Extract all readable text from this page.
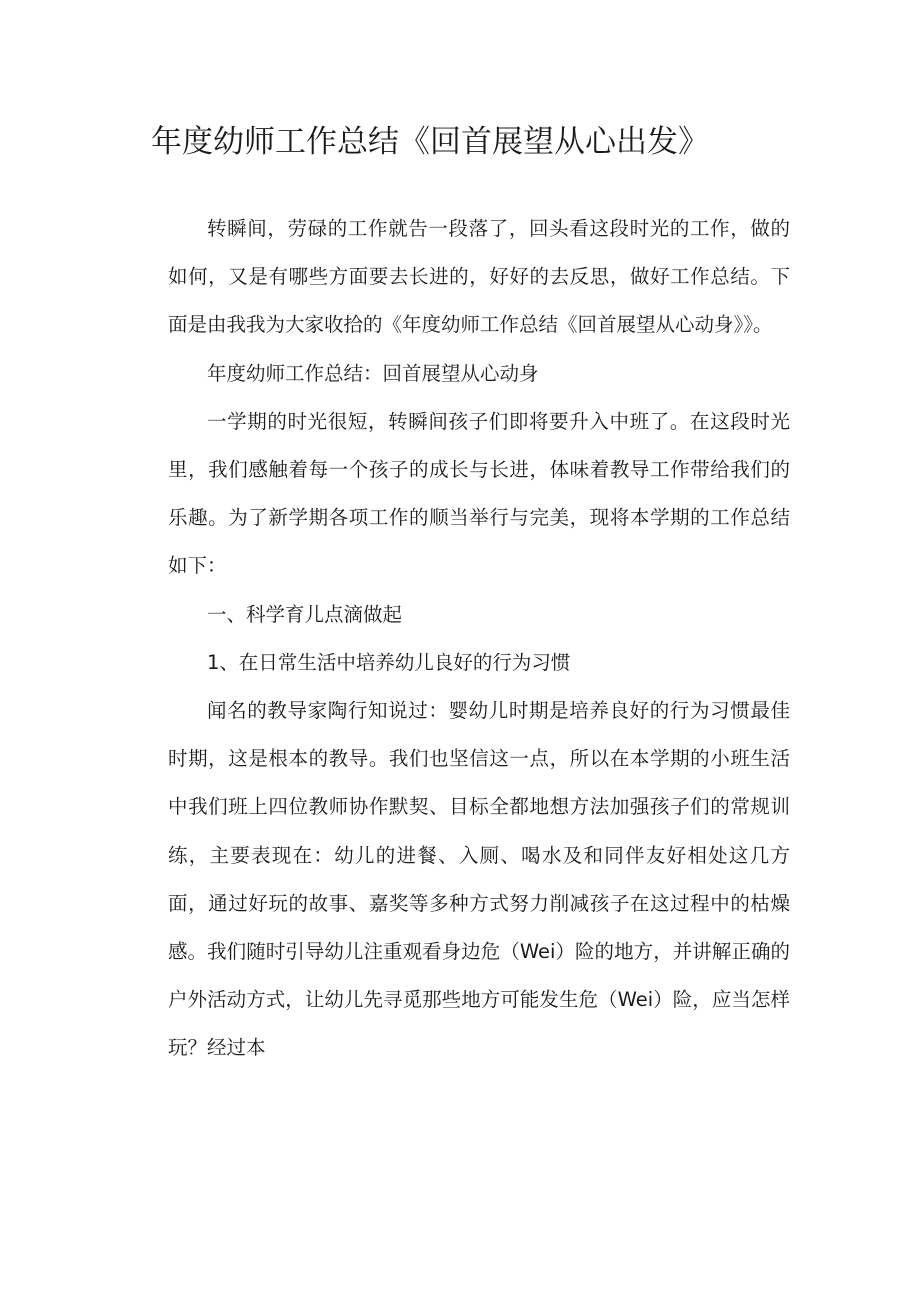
年度幼师工作总结《回首展望从心出发》

转瞬间，劳碌的工作就告一段落了，回头看这段时光的工作，做的如何，又是有哪些方面要去长进的，好好的去反思，做好工作总结。下面是由我我为大家收拾的《年度幼师工作总结《回首展望从心动身》》。

年度幼师工作总结：回首展望从心动身

一学期的时光很短，转瞬间孩子们即将要升入中班了。在这段时光里，我们感触着每一个孩子的成长与长进，体味着教导工作带给我们的乐趣。为了新学期各项工作的顺当举行与完美，现将本学期的工作总结如下：

一、科学育儿点滴做起

1、在日常生活中培养幼儿良好的行为习惯

闻名的教导家陶行知说过：婴幼儿时期是培养良好的行为习惯最佳时期，这是根本的教导。我们也坚信这一点，所以在本学期的小班生活中我们班上四位教师协作默契、目标全都地想方法加强孩子们的常规训练，主要表现在：幼儿的进餐、入厕、喝水及和同伴友好相处这几方面，通过好玩的故事、嘉奖等多种方式努力削减孩子在这过程中的枯燥感。我们随时引导幼儿注重观看身边危（Wei）险的地方，并讲解正确的户外活动方式，让幼儿先寻觅那些地方可能发生危（Wei）险，应当怎样玩？经过本
